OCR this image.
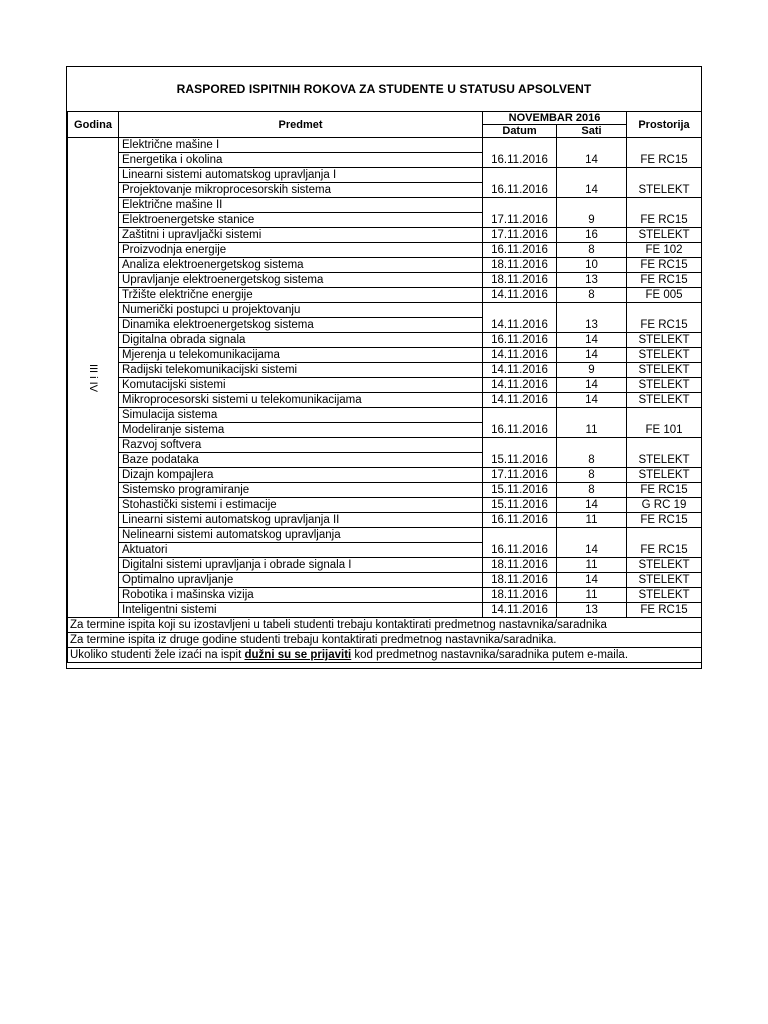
RASPORED ISPITNIH ROKOVA ZA STUDENTE U STATUSU APSOLVENT
Godina	Predmet	NOVEMBAR 2016		Prostorija
		Datum	Sati	
III i IV	Električne mašine I	16.11.2016	14	FE RC15
	Energetika i okolina			
	Linearni sistemi automatskog upravljanja I	16.11.2016	14	STELEKT
	Projektovanje mikroprocesorskih sistema			
	Električne mašine II	17.11.2016	9	FE RC15
	Elektroenergetske stanice			
	Zaštitni i upravljački sistemi	17.11.2016	16	STELEKT
	Proizvodnja energije	16.11.2016	8	FE 102
	Analiza elektroenergetskog sistema	18.11.2016	10	FE RC15
	Upravljanje elektroenergetskog sistema	18.11.2016	13	FE RC15
	Tržište električne energije	14.11.2016	8	FE 005
	Numerički postupci u projektovanju	14.11.2016	13	FE RC15
	Dinamika elektroenergetskog sistema			
	Digitalna obrada signala	16.11.2016	14	STELEKT
	Mjerenja u telekomunikacijama	14.11.2016	14	STELEKT
	Radijski telekomunikacijski sistemi	14.11.2016	9	STELEKT
	Komutacijski sistemi	14.11.2016	14	STELEKT
	Mikroprocesorski sistemi u telekomunikacijama	14.11.2016	14	STELEKT
	Simulacija sistema	16.11.2016	11	FE 101
	Modeliranje sistema			
	Razvoj softvera	15.11.2016	8	STELEKT
	Baze podataka			
	Dizajn kompajlera	17.11.2016	8	STELEKT
	Sistemsko programiranje	15.11.2016	8	FE RC15
	Stohastički sistemi i estimacije	15.11.2016	14	G RC 19
	Linearni sistemi automatskog upravljanja II	16.11.2016	11	FE RC15
	Nelinearni sistemi automatskog upravljanja	16.11.2016	14	FE RC15
	Aktuatori			
	Digitalni sistemi upravljanja i obrade signala I	18.11.2016	11	STELEKT
	Optimalno upravljanje	18.11.2016	14	STELEKT
	Robotika i mašinska vizija	18.11.2016	11	STELEKT
	Inteligentni sistemi	14.11.2016	13	FE RC15
Za termine ispita koji su izostavljeni u tabeli studenti trebaju kontaktirati predmetnog nastavnika/saradnika				
Za termine ispita iz druge godine studenti trebaju kontaktirati predmetnog nastavnika/saradnika.				
Ukoliko studenti žele izaći na ispit dužni su se prijaviti kod predmetnog nastavnika/saradnika putem e-maila.				
